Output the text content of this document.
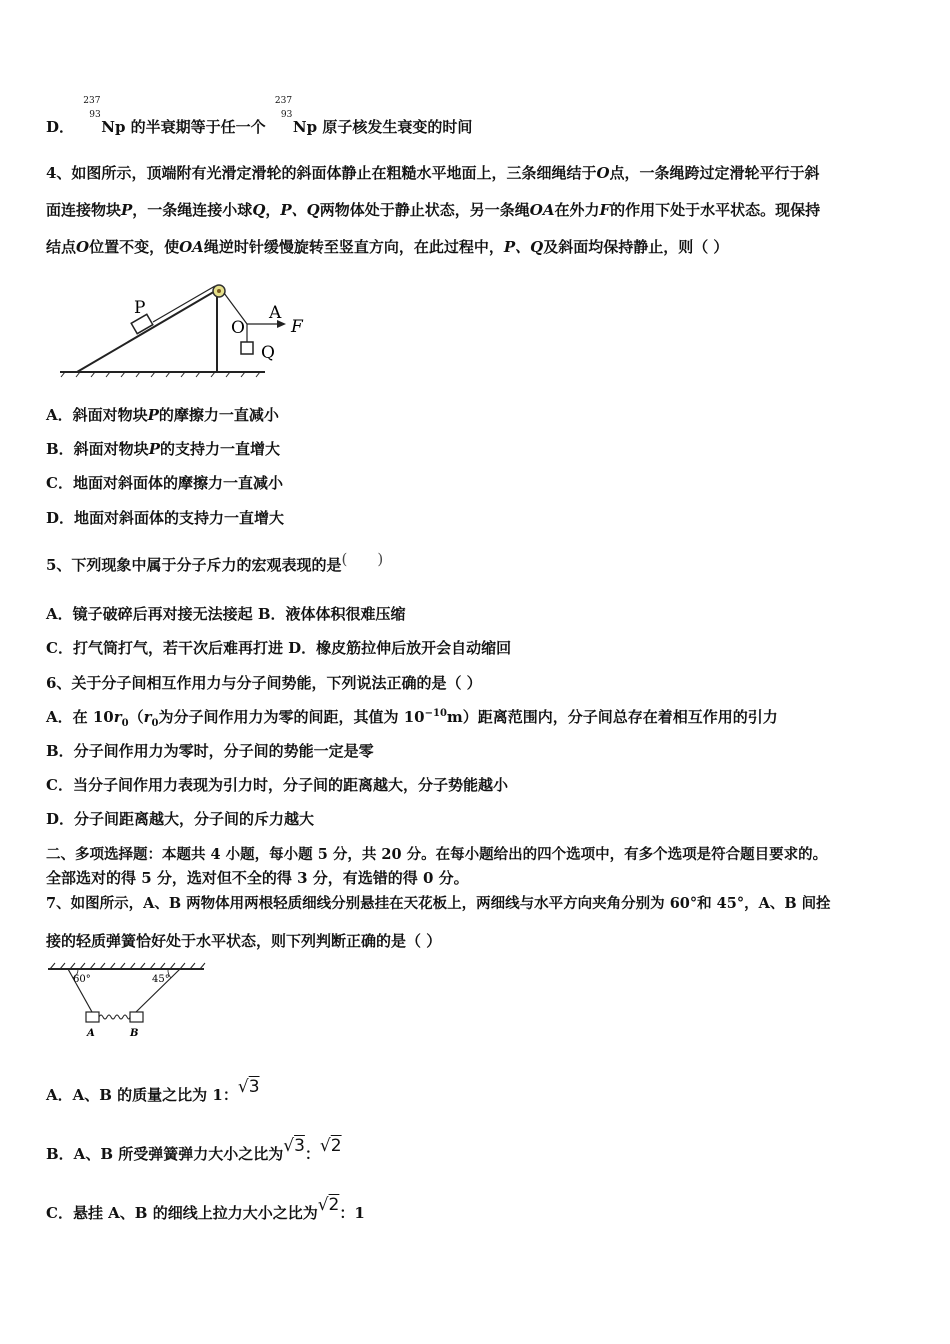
D．
237
93
Np 的半衰期等于任一个
237
93
Np 原子核发生衰变的时间
4、如图所示，顶端附有光滑定滑轮的斜面体静止在粗糙水平地面上，三条细绳结于O点，一条绳跨过定滑轮平行于斜
面连接物块P，一条绳连接小球Q，P、Q两物体处于静止状态，另一条绳OA在外力F的作用下处于水平状态。现保持
结点O位置不变，使OA绳逆时针缓慢旋转至竖直方向，在此过程中，P、Q及斜面均保持静止，则（ ）
P
O
A
F
Q
A．斜面对物块P的摩擦力一直减小
B．斜面对物块P的支持力一直增大
C．地面对斜面体的摩擦力一直减小
D．地面对斜面体的支持力一直增大
5、下列现象中属于分子斥力的宏观表现的是( )
A．镜子破碎后再对接无法接起 B．液体体积很难压缩
C．打气筒打气，若干次后难再打进 D．橡皮筋拉伸后放开会自动缩回
6、关于分子间相互作用力与分子间势能，下列说法正确的是（ ）
A．在 $10r_0(r_0$为分子间作用力为零的间距，其值为 $10^{-10}m$）距离范围内，分子间总存在着相互作用的引力
B．分子间作用力为零时，分子间的势能一定是零
C．当分子间作用力表现为引力时，分子间的距离越大，分子势能越小
D．分子间距离越大，分子间的斥力越大
二、多项选择题：本题共 4 小题，每小题 5 分，共 20 分。在每小题给出的四个选项中，有多个选项是符合题目要求的。
全部选对的得 5 分，选对但不全的得 3 分，有选错的得 0 分。
7、如图所示，A、B 两物体用两根轻质细线分别悬挂在天花板上，两细线与水平方向夹角分别为 60°和 45°，A、B 间拴
接的轻质弹簧恰好处于水平状态，则下列判断正确的是（ ）
60°	45°
A	B
A．A、B 的质量之比为 1：√3
B．A、B 所受弹簧弹力大小之比为√3：√2
C．悬挂 A、B 的细线上拉力大小之比为√2：1
